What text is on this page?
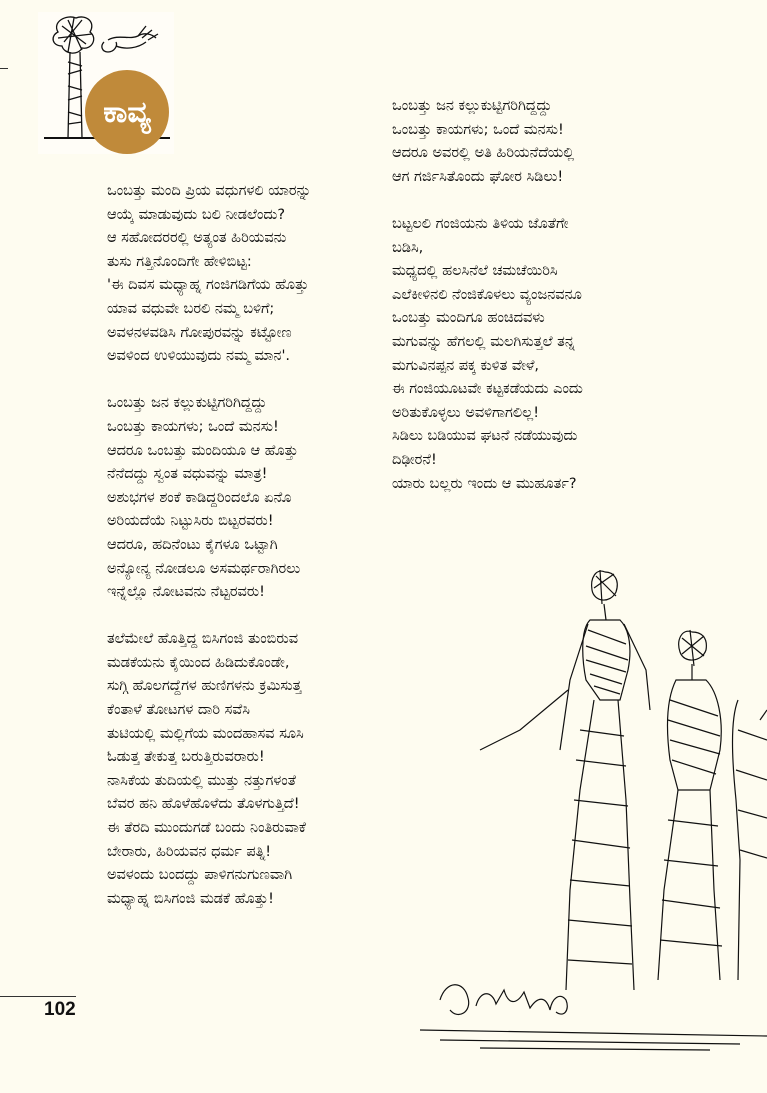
ಕಾವ್ಯ
ಒಂಬತ್ತು ಮಂದಿ ಪ್ರಿಯ ವಧುಗಳಲಿ ಯಾರನ್ನು
ಆಯ್ಕೆ ಮಾಡುವುದು ಬಲಿ ನೀಡಲೆಂದು?
ಆ ಸಹೋದರರಲ್ಲಿ ಅತ್ಯಂತ ಹಿರಿಯವನು
ತುಸು ಗತ್ತಿನೊಂದಿಗೇ ಹೇಳಿಬಿಟ್ಟ:
'ಈ ದಿವಸ ಮಧ್ಯಾಹ್ನ ಗಂಜಿಗಡಿಗೆಯ ಹೊತ್ತು
ಯಾವ ವಧುವೇ ಬರಲಿ ನಮ್ಮ ಬಳಿಗೆ;
ಅವಳನಳವಡಿಸಿ ಗೋಪುರವನ್ನು ಕಟ್ಟೋಣ
ಅವಳಿಂದ ಉಳಿಯುವುದು ನಮ್ಮ ಮಾನ'.
ಒಂಬತ್ತು ಜನ ಕಲ್ಲುಕುಟ್ಟಿಗರಿಗಿದ್ದದ್ದು
ಒಂಬತ್ತು ಕಾಯಗಳು; ಒಂದೆ ಮನಸು!
ಆದರೂ ಒಂಬತ್ತು ಮಂದಿಯೂ ಆ ಹೊತ್ತು
ನೆನೆದದ್ದು ಸ್ವಂತ ವಧುವನ್ನು ಮಾತ್ರ!
ಅಶುಭಗಳ ಶಂಕೆ ಕಾಡಿದ್ದರಿಂದಲೊ ಏನೊ
ಅರಿಯದೆಯೆ ನಿಟ್ಟುಸಿರು ಬಿಟ್ಟರವರು!
ಆದರೂ, ಹದಿನೆಂಟು ಕೈಗಳೂ ಒಟ್ಟಾಗಿ
ಅನ್ಯೋನ್ಯ ನೋಡಲೂ ಅಸಮರ್ಥರಾಗಿರಲು
ಇನ್ನೆಲ್ಲೊ ನೋಟವನು ನೆಟ್ಟರವರು!
ತಲೆಮೇಲೆ ಹೊತ್ತಿದ್ದ ಬಿಸಿಗಂಜಿ ತುಂಬಿರುವ
ಮಡಕೆಯನು ಕೈಯಿಂದ ಹಿಡಿದುಕೊಂಡೇ,
ಸುಗ್ಗಿ ಹೊಲಗದ್ದೆಗಳ ಹುಣಿಗಳನು ಕ್ರಮಿಸುತ್ತ
ಕೆಂತಾಳೆ ತೋಟಗಳ ದಾರಿ ಸವೆಸಿ
ತುಟಿಯಲ್ಲಿ ಮಲ್ಲಿಗೆಯ ಮಂದಹಾಸವ ಸೂಸಿ
ಓಡುತ್ತ ತೇಕುತ್ತ ಬರುತ್ತಿರುವರಾರು!
ನಾಸಿಕೆಯ ತುದಿಯಲ್ಲಿ ಮುತ್ತು ನತ್ತುಗಳಂತೆ
ಬೆವರ ಹನಿ ಹೊಳೆಹೊಳೆದು ತೊಳಗುತ್ತಿದೆ!
ಈ ತೆರದಿ ಮುಂದುಗಡೆ ಬಂದು ನಿಂತಿರುವಾಕೆ
ಬೇರಾರು, ಹಿರಿಯವನ ಧರ್ಮ ಪತ್ನಿ!
ಅವಳಂದು ಬಂದದ್ದು ಪಾಳಿಗನುಗುಣವಾಗಿ
ಮಧ್ಯಾಹ್ನ ಬಿಸಿಗಂಜಿ ಮಡಕೆ ಹೊತ್ತು!
ಒಂಬತ್ತು ಜನ ಕಲ್ಲುಕುಟ್ಟಿಗರಿಗಿದ್ದದ್ದು
ಒಂಬತ್ತು ಕಾಯಗಳು; ಒಂದೆ ಮನಸು!
ಆದರೂ ಅವರಲ್ಲಿ ಅತಿ ಹಿರಿಯನೆದೆಯಲ್ಲಿ
ಆಗ ಗರ್ಜಿಸಿತೊಂದು ಘೋರ ಸಿಡಿಲು!
ಬಟ್ಟಲಲಿ ಗಂಜಿಯನು ತಿಳಿಯ ಜೊತೆಗೇ
ಬಡಿಸಿ,
ಮಧ್ಯದಲ್ಲಿ ಹಲಸಿನೆಲೆ ಚಮಚೆಯಿರಿಸಿ
ಎಲೆಕೀಳಿನಲಿ ನೆಂಜಿಕೊಳಲು ವ್ಯಂಜನವನೂ
ಒಂಬತ್ತು ಮಂದಿಗೂ ಹಂಚಿದವಳು
ಮಗುವನ್ನು ಹೆಗಲಲ್ಲಿ ಮಲಗಿಸುತ್ತಲೆ ತನ್ನ
ಮಗುವಿನಪ್ಪನ ಪಕ್ಕ ಕುಳಿತ ವೇಳೆ,
ಈ ಗಂಜಿಯೂಟವೇ ಕಟ್ಟಕಡೆಯದು ಎಂದು
ಅರಿತುಕೊಳ್ಳಲು ಅವಳಿಗಾಗಲಿಲ್ಲ!
ಸಿಡಿಲು ಬಡಿಯುವ ಘಟನೆ ನಡೆಯುವುದು
ದಿಢೀರನೆ!
ಯಾರು ಬಲ್ಲರು ಇಂದು ಆ ಮುಹೂರ್ತ?
102
